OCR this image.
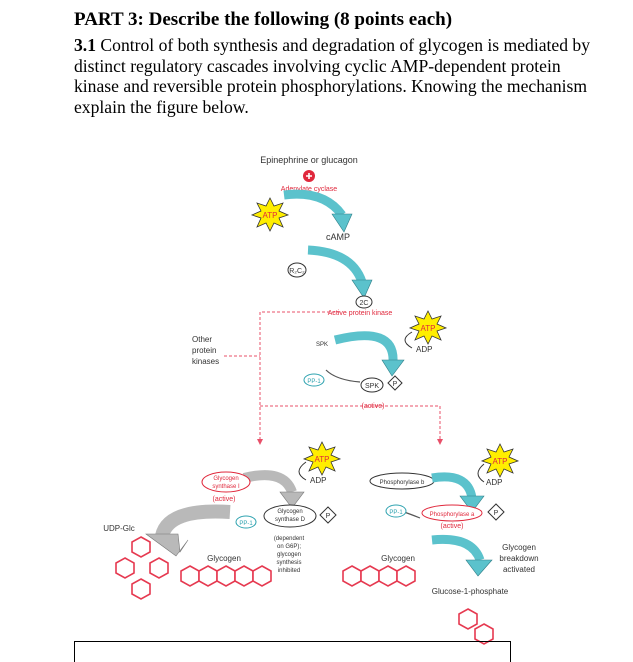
PART 3: Describe the following (8 points each)

3.1 Control of both synthesis and degradation of glycogen is mediated by distinct regulatory cascades involving cyclic AMP-dependent protein kinase and reversible protein phosphorylations. Knowing the mechanism explain the figure below.

Epinephrine or glucagon
Adenylate cyclase
ATP
cAMP
R₂C₂
2C
Active protein kinase
Other
protein
kinases
SPK
ATP
ADP
PP-1
SPK P
(active)
ATP
ADP
Glycogen
synthase I
(active)
Glycogen
synthase D	P
PP-1
(dependent
on G6P);
glycogen
synthesis
inhibited
UDP-Glc
Glycogen
ATP
ADP
Phosphorylase b
Phosphorylase a	P
(active)
PP-1
Glycogen
Glycogen
breakdown
activated
Glucose-1-phosphate
